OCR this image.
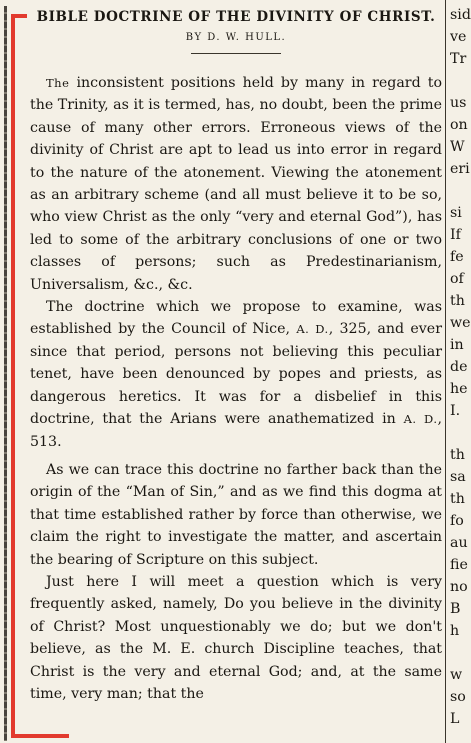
BIBLE DOCTRINE OF THE DIVINITY OF CHRIST.
BY D. W. HULL.

The inconsistent positions held by many in regard to the Trinity, as it is termed, has, no doubt, been the prime cause of many other errors. Erroneous views of the divinity of Christ are apt to lead us into error in regard to the nature of the atonement. Viewing the atonement as an arbitrary scheme (and all must believe it to be so, who view Christ as the only “very and eternal God”), has led to some of the arbitrary conclusions of one or two classes of persons; such as Predestinarianism, Universalism, &c., &c.

The doctrine which we propose to examine, was established by the Council of Nice, A. D., 325, and ever since that period, persons not believing this peculiar tenet, have been denounced by popes and priests, as dangerous heretics. It was for a disbelief in this doctrine, that the Arians were anathematized in A. D., 513.

As we can trace this doctrine no farther back than the origin of the “Man of Sin,” and as we find this dogma at that time established rather by force than otherwise, we claim the right to investigate the matter, and ascertain the bearing of Scripture on this subject.

Just here I will meet a question which is very frequently asked, namely, Do you believe in the divinity of Christ? Most unquestionably we do; but we don't believe, as the M. E. church Discipline teaches, that Christ is the very and eternal God; and, at the same time, very man; that the

sid
ve
Tr
us
on
W
eri
si
If
fe
of
th
we
in
de
he
I.
th
sa
th
fo
au
fie
no
B
h
w
so
L
